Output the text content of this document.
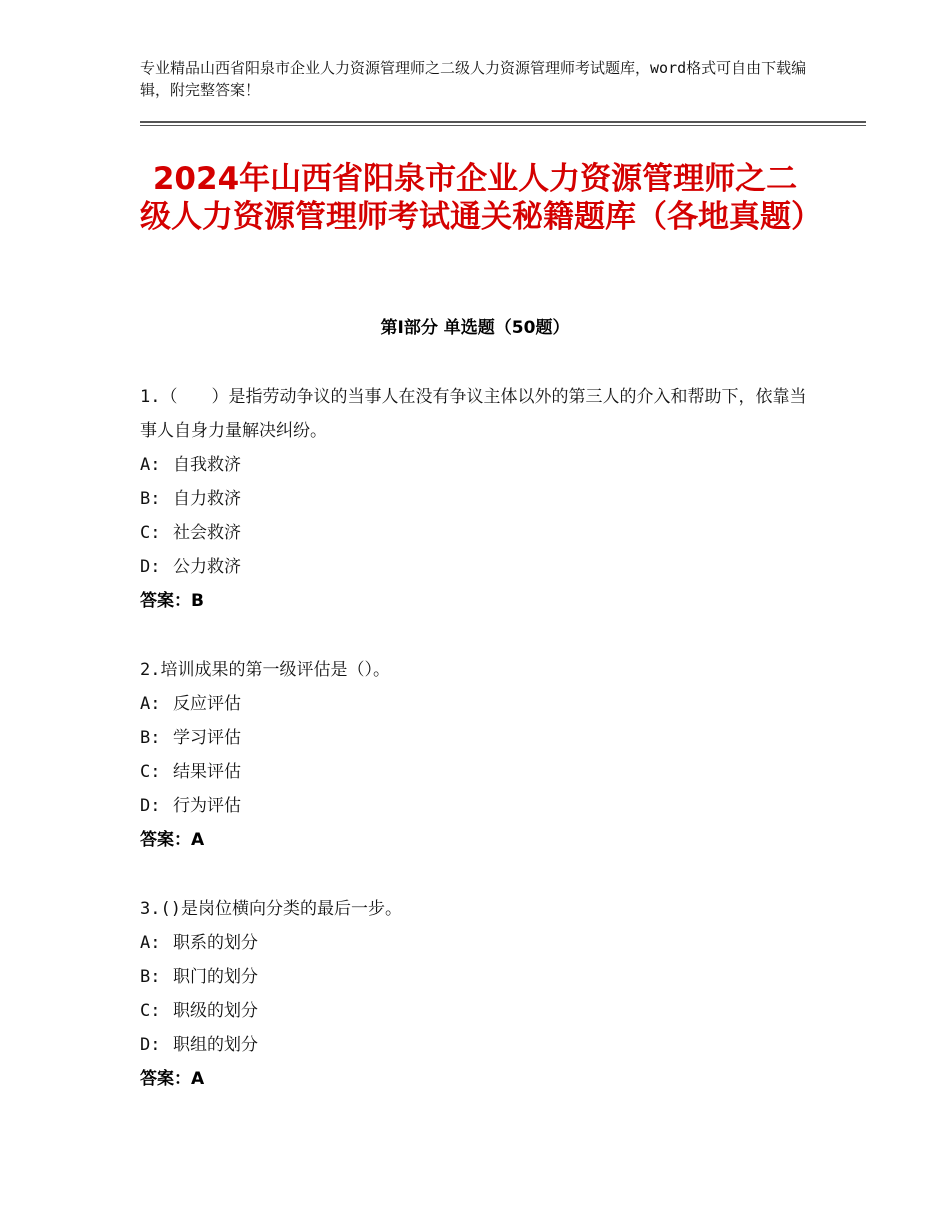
专业精品山西省阳泉市企业人力资源管理师之二级人力资源管理师考试题库，word格式可自由下载编辑，附完整答案！

2024年山西省阳泉市企业人力资源管理师之二级人力资源管理师考试通关秘籍题库（各地真题）
第Ⅰ部分 单选题（50题）

1.（　　）是指劳动争议的当事人在没有争议主体以外的第三人的介入和帮助下，依靠当事人自身力量解决纠纷。

A: 自我救济

B: 自力救济

C: 社会救济

D: 公力救济

答案：B

2.培训成果的第一级评估是（）。

A: 反应评估

B: 学习评估

C: 结果评估

D: 行为评估

答案：A

3.()是岗位横向分类的最后一步。

A: 职系的划分

B: 职门的划分

C: 职级的划分

D: 职组的划分

答案：A
